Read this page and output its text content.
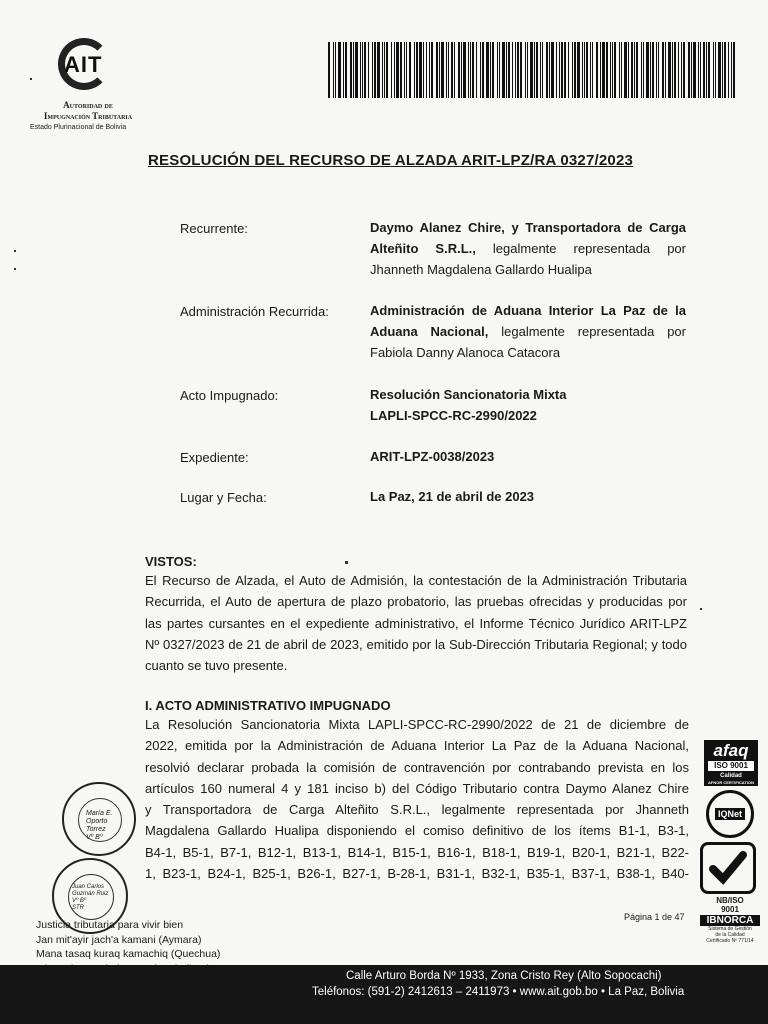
AIT
Autoridad de
Impugnación Tributaria
Estado Plurinacional de Bolivia
RESOLUCIÓN DEL RECURSO DE ALZADA ARIT-LPZ/RA 0327/2023
Recurrente:	Daymo Alanez Chire, y Transportadora de Carga
Alteñito S.R.L., legalmente representada por
Jhanneth Magdalena Gallardo Hualipa
Administración Recurrida:	Administración de Aduana Interior La Paz de la
Aduana Nacional, legalmente representada por
Fabiola Danny Alanoca Catacora
Acto Impugnado:	Resolución Sancionatoria Mixta
LAPLI-SPCC-RC-2990/2022
Expediente:	ARIT-LPZ-0038/2023
Lugar y Fecha:	La Paz, 21 de abril de 2023
VISTOS:
El Recurso de Alzada, el Auto de Admisión, la contestación de la Administración Tributaria
Recurrida, el Auto de apertura de plazo probatorio, las pruebas ofrecidas y producidas por
las partes cursantes en el expediente administrativo, el Informe Técnico Jurídico ARIT-LPZ
Nº 0327/2023 de 21 de abril de 2023, emitido por la Sub-Dirección Tributaria Regional; y todo
cuanto se tuvo presente.
I. ACTO ADMINISTRATIVO IMPUGNADO
La Resolución Sancionatoria Mixta LAPLI-SPCC-RC-2990/2022 de 21 de diciembre de
2022, emitida por la Administración de Aduana Interior La Paz de la Aduana Nacional,
resolvió declarar probada la comisión de contravención por contrabando prevista en los
artículos 160 numeral 4 y 181 inciso b) del Código Tributario contra Daymo Alanez Chire
y Transportadora de Carga Alteñito S.R.L., legalmente representada por Jhanneth
Magdalena Gallardo Hualipa disponiendo el comiso definitivo de los ítems B1-1, B3-1,
B4-1, B5-1, B7-1, B12-1, B13-1, B14-1, B15-1, B16-1, B18-1, B19-1, B20-1, B21-1, B22-
1, B23-1, B24-1, B25-1, B26-1, B27-1, B-28-1, B31-1, B32-1, B35-1, B37-1, B38-1, B40-
afaq
ISO 9001
Calidad
AFNOR CERTIFICATION
IQNet
NB/ISO
9001
IBNORCA
Sistema de Gestión
de la Calidad
Certificado Nº 771/14
María E.
Oporto Torrez
Vº Bº
Juan Carlos
Guzmán Ruiz
Vº Bº
STR
Página 1 de 47
Justicia tributaria para vivir bien
Jan mit'ayir jach'a kamani (Aymara)
Mana tasaq kuraq kamachiq (Quechua)
Calle Arturo Borda Nº 1933, Zona Cristo Rey (Alto Sopocachi)
Teléfonos: (591-2) 2412613 – 2411973 • www.ait.gob.bo • La Paz, Bolivia
